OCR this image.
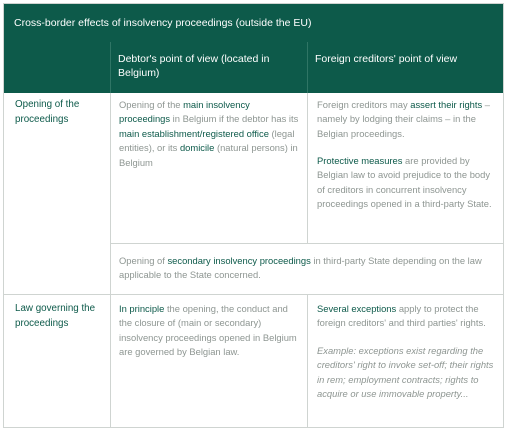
Cross-border effects of insolvency proceedings (outside the EU)
Debtor's point of view (located in Belgium)
Foreign creditors' point of view
Opening of the proceedings
Opening of the main insolvency proceedings in Belgium if the debtor has its main establishment/registered office (legal entities), or its domicile (natural persons) in Belgium
Foreign creditors may assert their rights – namely by lodging their claims – in the Belgian proceedings.
Protective measures are provided by Belgian law to avoid prejudice to the body of creditors in concurrent insolvency proceedings opened in a third-party State.
Opening of secondary insolvency proceedings in third-party State depending on the law applicable to the State concerned.
Law governing the proceedings
In principle the opening, the conduct and the closure of (main or secondary) insolvency proceedings opened in Belgium are governed by Belgian law.
Several exceptions apply to protect the foreign creditors' and third parties' rights.
Example: exceptions exist regarding the creditors' right to invoke set-off; their rights in rem; employment contracts; rights to acquire or use immovable property...
